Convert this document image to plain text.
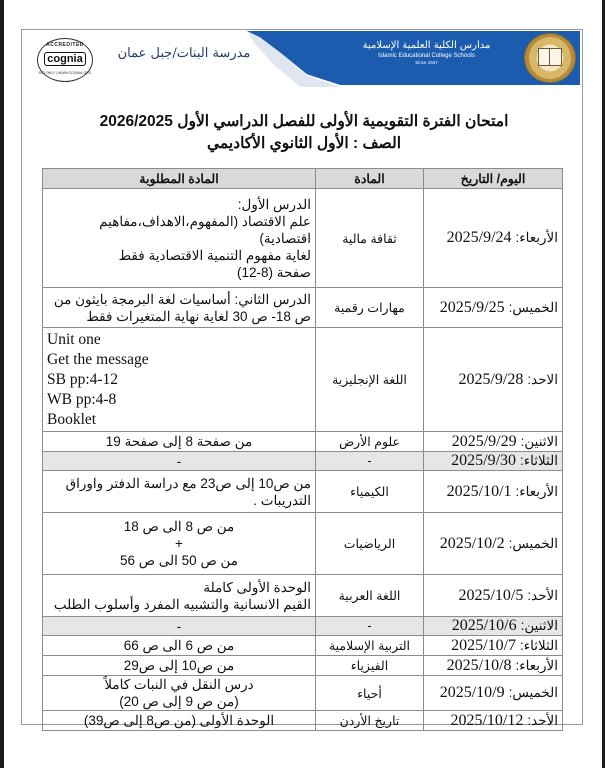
مدارس الكلية العلمية الإسلامية
Islamic Educational College Schools
Since 1947
ACCREDITED
cognia
RIO ONLY | WWW.COGNIA.ORG
مدرسة البنات/جبل عمان
امتحان الفترة التقويمية الأولى للفصل الدراسي الأول 2026/2025
الصف : الأول الثانوي الأكاديمي
اليوم/ التاريخ	المادة	المادة المطلوبة
الأربعاء: 2025/9/24	ثقافة مالية	الدرس الأول:
علم الاقتصاد (المفهوم،الاهداف،مفاهيم اقتصادية)
لغاية مفهوم التنمية الاقتصادية فقط
صفحة (8-12)

الخميس: 2025/9/25	مهارات رقمية	الدرس الثاني: أساسيات لغة البرمجة بايثون من
ص 18- ص 30 لغاية نهاية المتغيرات فقط

الاحد: 2025/9/28	اللغة الإنجليزية	Unit one
Get the message
SB pp:4-12
WB pp:4-8
Booklet

الاثنين: 2025/9/29	علوم الأرض	من صفحة 8 إلى صفحة 19

الثلاثاء: 2025/9/30	-	-

الأربعاء: 2025/10/1	الكيمياء	من ص10 إلى ص23 مع دراسة الدفتر واوراق
التدريبات .

الخميس: 2025/10/2	الرياضيات	من ص 8 الى ص 18
+
من ص 50 الى ص 56

الأحد: 2025/10/5	اللغة العربية	الوحدة الأولى كاملة
القيم الانسانية والتشبيه المفرد وأسلوب الطلب

الاثنين: 2025/10/6	-	-

الثلاثاء: 2025/10/7	التربية الإسلامية	من ص 6 الى ص 66

الأربعاء: 2025/10/8	الفيزياء	من ص10 إلى ص29

الخميس: 2025/10/9	أحياء	درس النقل في النبات كاملاً
(من ص 9 إلى ص 20)

الأحد: 2025/10/12	تاريخ الأردن	الوحدة الأولى (من ص8 إلى ص39)
